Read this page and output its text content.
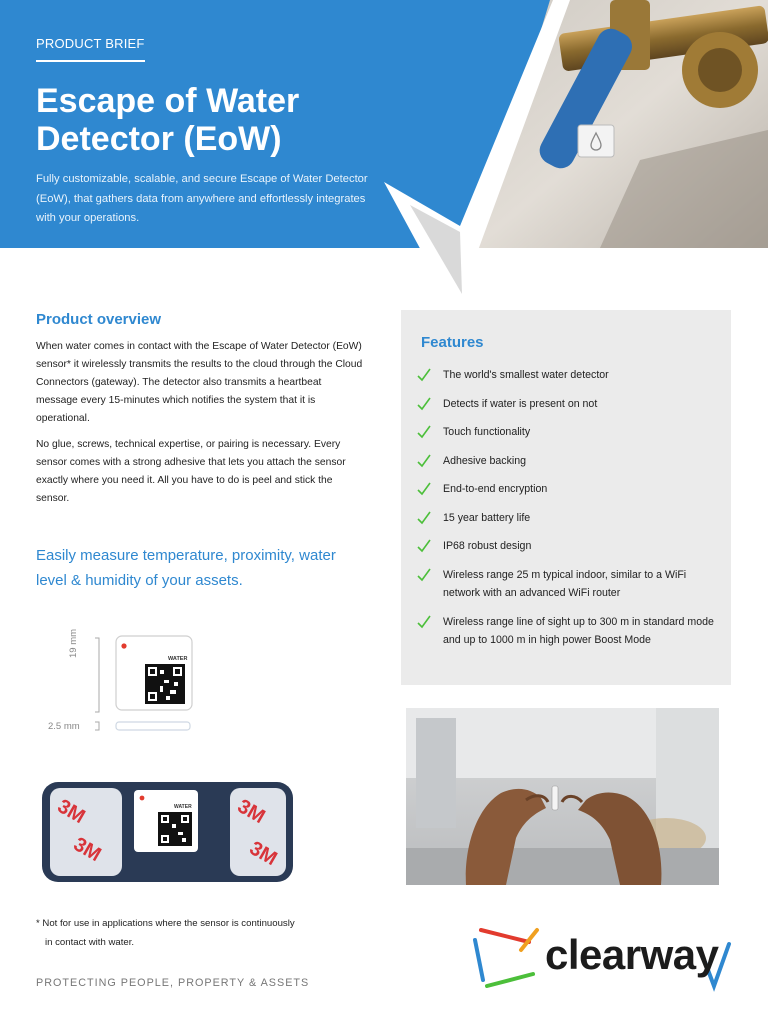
PRODUCT BRIEF
Escape of Water
Detector (EoW)

Fully customizable, scalable, and secure Escape of Water Detector (EoW), that gathers data from anywhere and effortlessly integrates with your operations.

Product overview

When water comes in contact with the Escape of Water Detector (EoW) sensor* it wirelessly transmits the results to the cloud through the Cloud Connectors (gateway). The detector also transmits a heartbeat message every 15-minutes which notifies the system that it is operational.

No glue, screws, technical expertise, or pairing is necessary. Every sensor comes with a strong adhesive that lets you attach the sensor exactly where you need it. All you have to do is peel and stick the sensor.

Easily measure temperature, proximity, water level & humidity of your assets.

Features
The world's smallest water detector
Detects if water is present on not
Touch functionality
Adhesive backing
End-to-end encryption
15 year battery life
IP68 robust design
Wireless range 25 m typical indoor, similar to a WiFi network with an advanced WiFi router
Wireless range line of sight up to 300 m in standard mode and up to 1000 m in high power Boost Mode
19 mm
2.5 mm
WATER
3M
3M
3M
3M
WATER
* Not for use in applications where the sensor is continuously
in contact with water.
PROTECTING PEOPLE, PROPERTY & ASSETS
clearway
